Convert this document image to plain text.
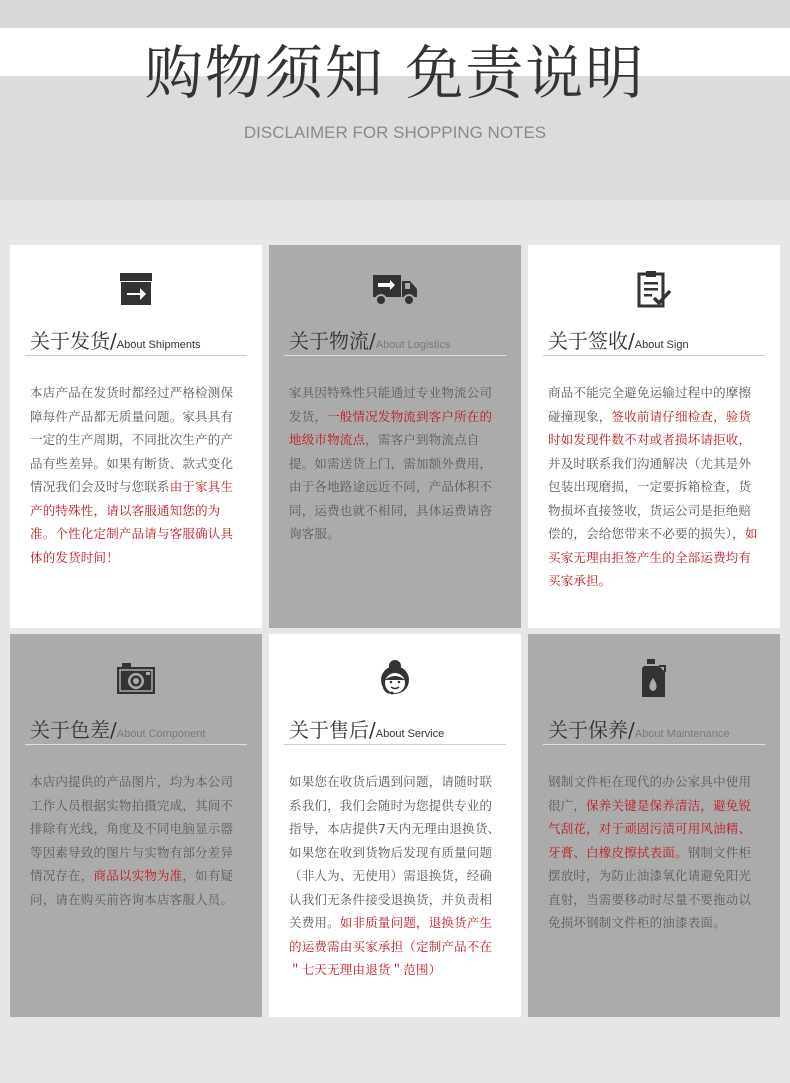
购物须知 免责说明
DISCLAIMER FOR SHOPPING NOTES
关于发货/About Shipments
本店产品在发货时都经过严格检测保障每件产品都无质量问题。家具具有一定的生产周期，不同批次生产的产品有些差异。如果有断货、款式变化情况我们会及时与您联系由于家具生产的特殊性，请以客服通知您的为准。个性化定制产品请与客服确认具体的发货时间！
关于物流/About Logistics
家具因特殊性只能通过专业物流公司发货，一般情况发物流到客户所在的地级市物流点，需客户到物流点自提。如需送货上门，需加额外费用，由于各地路途远近不同，产品体积不同，运费也就不相同，具体运费请咨询客服。
关于签收/About Sign
商品不能完全避免运输过程中的摩擦碰撞现象，签收前请仔细检查，验货时如发现件数不对或者损坏请拒收，并及时联系我们沟通解决（尤其是外包装出现磨损，一定要拆箱检查，货物损坏直接签收，货运公司是拒绝赔偿的，会给您带来不必要的损失），如买家无理由拒签产生的全部运费均有买家承担。
关于色差/About Component
本店内提供的产品图片，均为本公司工作人员根据实物拍摄完成，其间不排除有光线，角度及不同电脑显示器等因素导致的图片与实物有部分差异情况存在，商品以实物为准，如有疑问，请在购买前咨询本店客服人员。
关于售后/About Service
如果您在收货后遇到问题，请随时联系我们，我们会随时为您提供专业的指导，本店提供7天内无理由退换货、如果您在收到货物后发现有质量问题（非人为、无使用）需退换货，经确认我们无条件接受退换货，并负责相关费用。如非质量问题，退换货产生的运费需由买家承担（定制产品不在＂七天无理由退货＂范围）
关于保养/About Maintenance
钢制文件柜在现代的办公家具中使用很广，保养关键是保养清洁，避免锐气刮花，对于顽固污渍可用风油精、牙膏、白橡皮擦拭表面。钢制文件柜摆放时，为防止油漆氧化请避免阳光直射，当需要移动时尽量不要拖动以免损坏钢制文件柜的油漆表面。
